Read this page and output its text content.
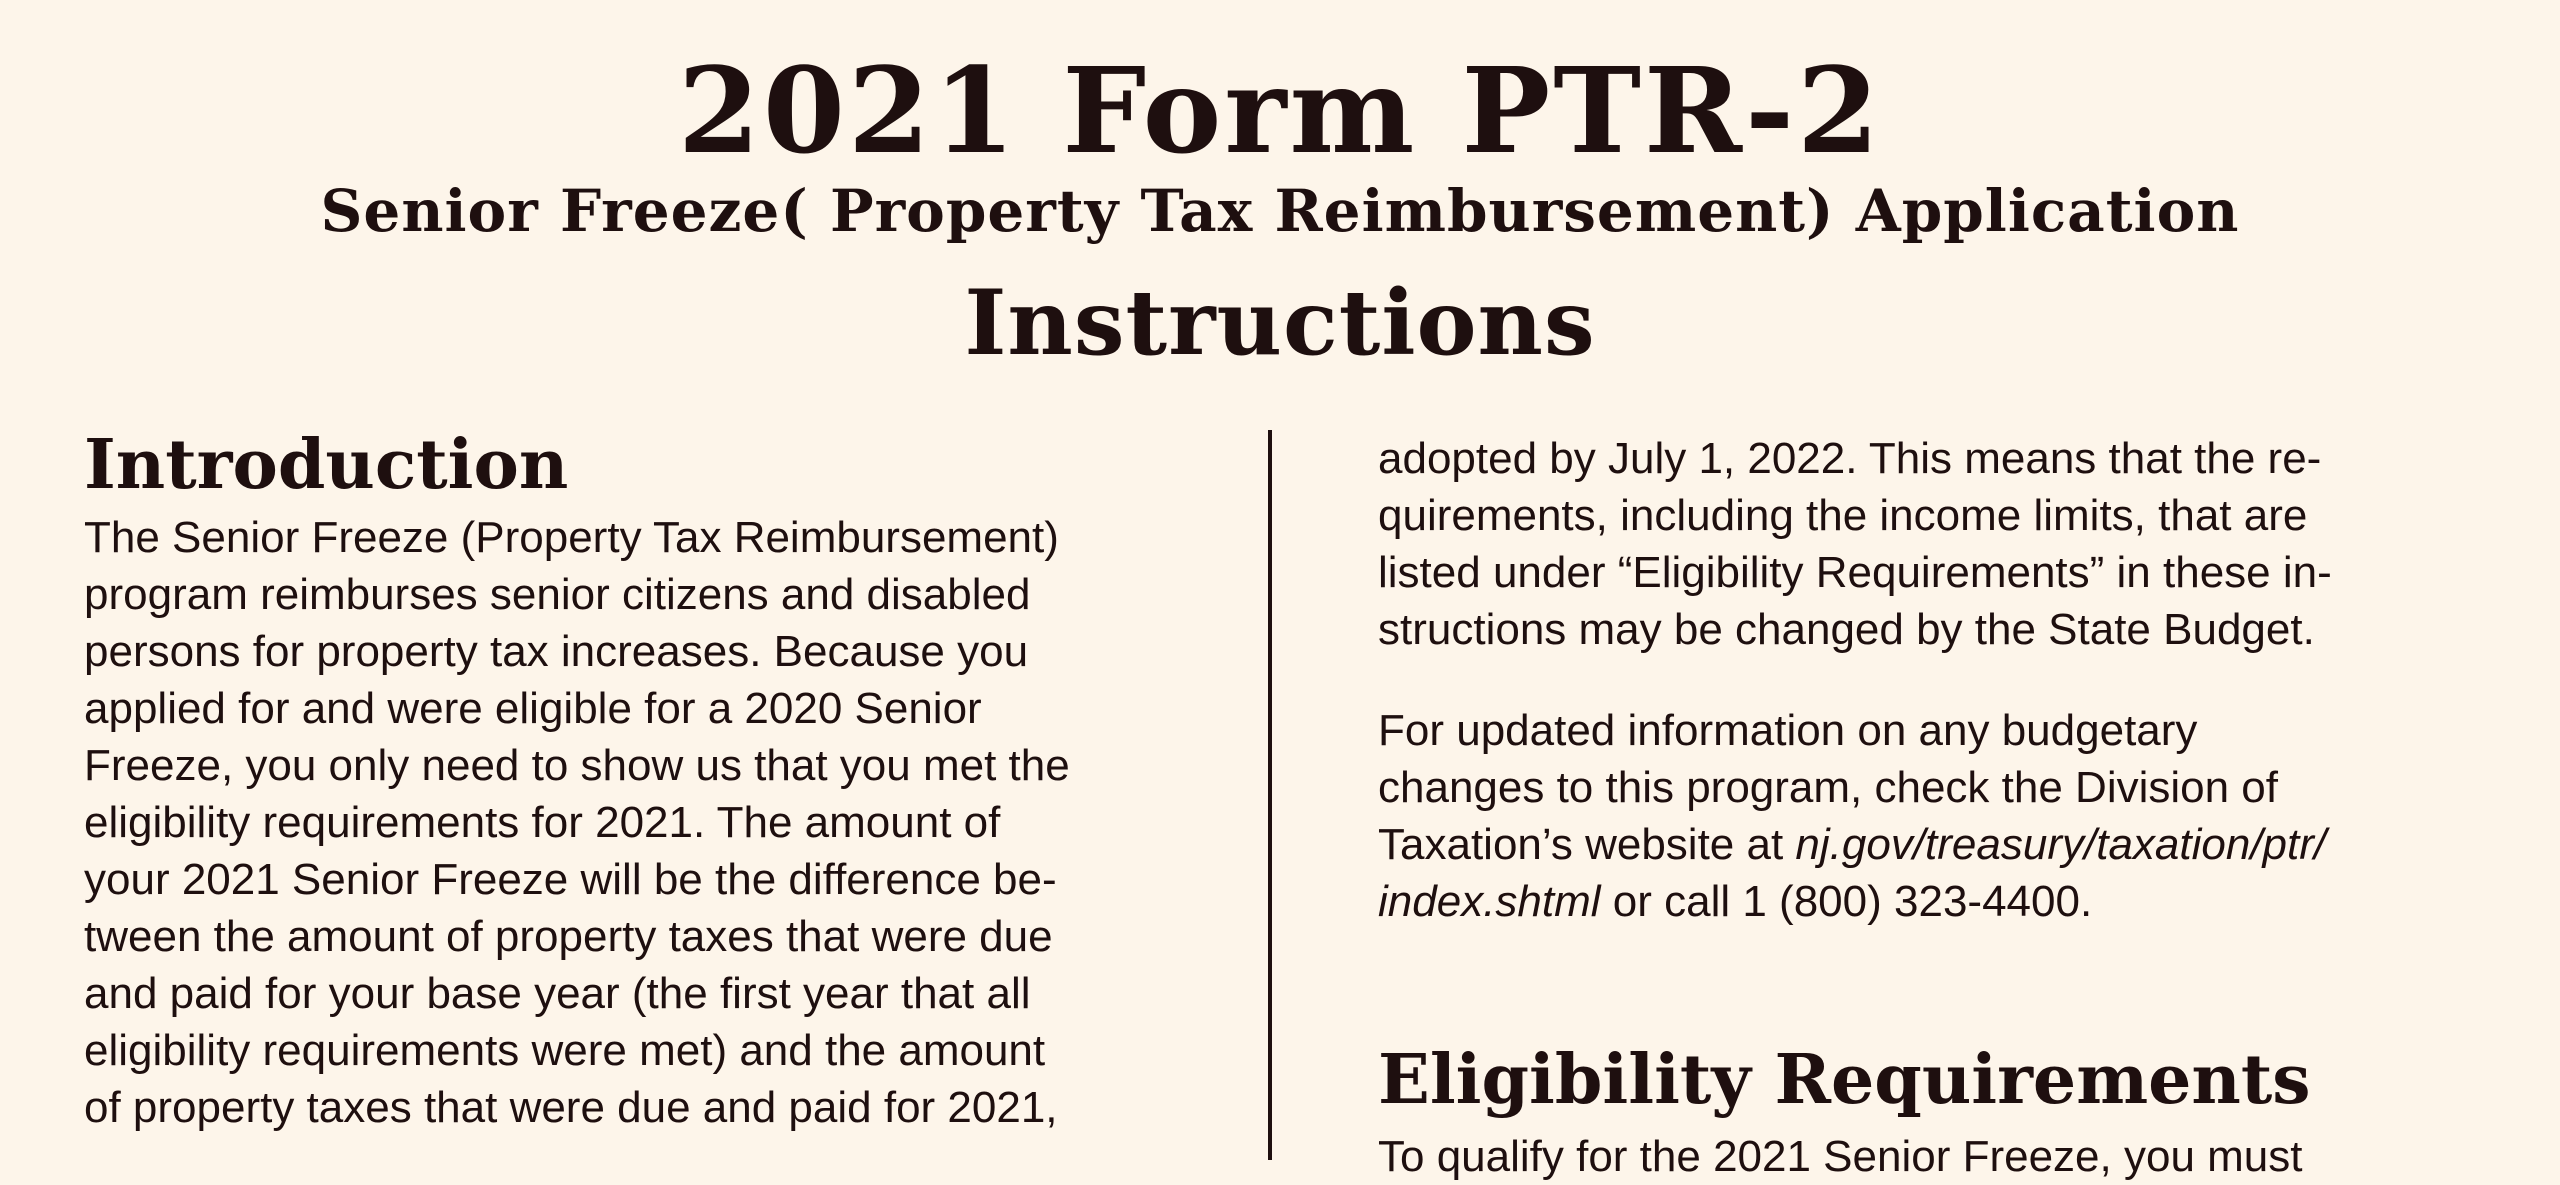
2021 Form PTR-2
Senior Freeze( Property Tax Reimbursement) Application
Instructions
Introduction

The Senior Freeze (Property Tax Reimbursement)

program reimburses senior citizens and disabled

persons for property tax increases. Because you

applied for and were eligible for a 2020 Senior

Freeze, you only need to show us that you met the

eligibility requirements for 2021. The amount of

your 2021 Senior Freeze will be the difference be-

tween the amount of property taxes that were due

and paid for your base year (the first year that all

eligibility requirements were met) and the amount

of property taxes that were due and paid for 2021,

adopted by July 1, 2022. This means that the re-

quirements, including the income limits, that are

listed under “Eligibility Requirements” in these in-

structions may be changed by the State Budget.

For updated information on any budgetary

changes to this program, check the Division of

Taxation’s website at nj.gov/treasury/taxation/ptr/

index.shtml or call 1 (800) 323-4400.

Eligibility Requirements

To qualify for the 2021 Senior Freeze, you must
